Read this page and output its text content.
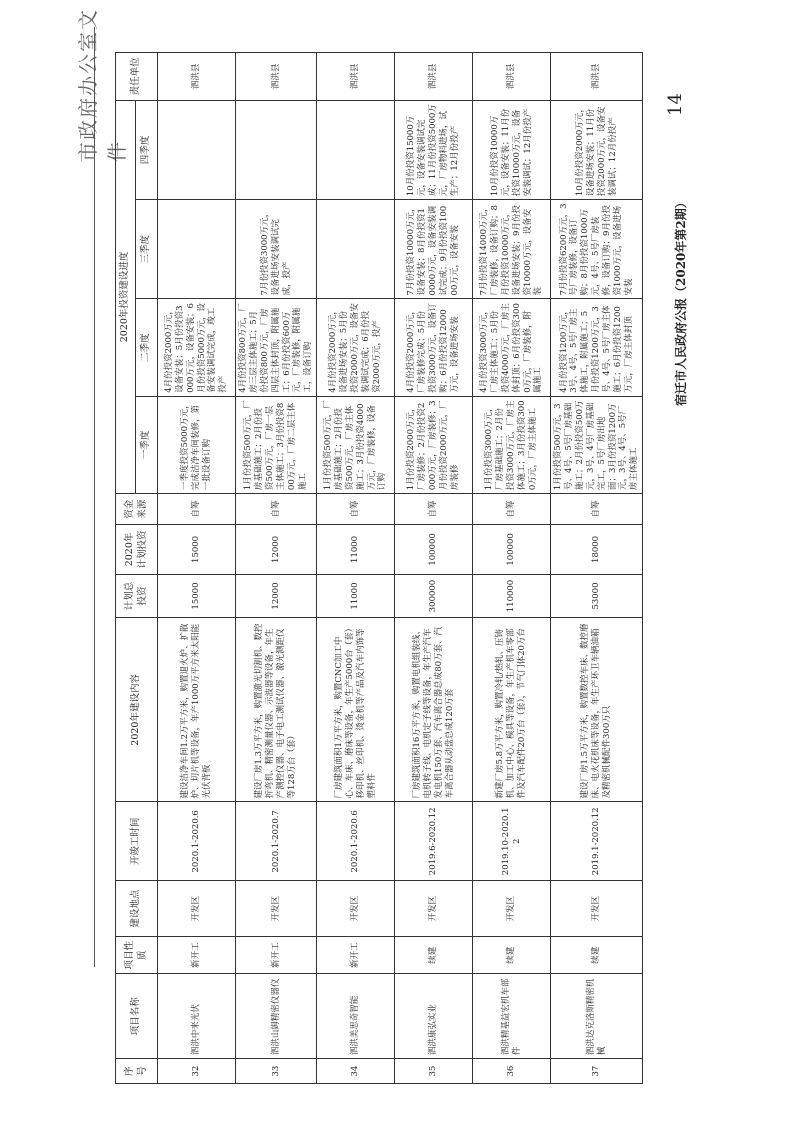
市政府办公室文件
序号	项目名称	项目性质	建设地点	开竣工时间	2020年建设内容	计划总投资	2020年计划投资	资金来源	2020年投资建设进度				责任单位
									一季度	二季度	三季度	四季度	
32	泗洪中来光伏	新开工	开发区	2020.1-2020.6	建设洁净车间1.2万平方米，购置退火炉、扩散炉、切片机等设备，年产1000万平方米太阳能光伏背板	15000	15000	自筹	一季度投资5000万元，完成洁净车间装修，第一批设备订购	4月份投资2000万元，设备安装；5月份投资3000万元，设备安装；6月份投资5000万元，设备安装调试完成，竣工投产			泗洪县
33	泗洪山姆精密仪器仪	新开工	开发区	2020.1-2020.7	建设厂房1.3万平方米，购置激光切割机、数控折弯机、精密测量仪器、示波器等设备，年生产测控仪器、电子电工测试仪器、激光测距仪等128万台（套）	12000	12000	自筹	1月份投资500万元，厂房基础施工；2月份投资500万元，厂房一层主体施工；3月份投资800万元，厂房二层主体施工	4月份投资800万元，厂房三层主体施工；5月份投资800万元，厂房四层主体封顶，附属施工；6月份投资600万元，厂房装修，附属施工，设备订购	7月份投资3000万元，设备进场安装调试完成，投产		泗洪县
34	泗洪美思奇智能	新开工	开发区	2020.1-2020.6	厂房建筑面积1万平方米，购置CNC加工中心、车床、磨床等设备，年生产5000台（套）移印机、丝印机、烫金机等产品及汽车内饰等塑料件	11000	11000	自筹	1月份投资500万元，厂房基础施工；2月份投资500万元，厂房主体施工；3月份投资4000万元，厂房装修，设备订购	4月份投资2000万元，设备进场安装；5月份投资2000万元，设备安装调试完成；6月份投资2000万元，投产			泗洪县
35	泗洪康弘实业	续建	开发区	2019.6-2020.12	厂房建筑面积16万平方米，购置电机组装线、电机转子线、电机定子线等设备，年生产汽车发电机150万套、汽车离合器总成80万套、汽车离合器从动盘总成120万套	300000	100000	自筹	1月份投资2000万元，厂房装修；2月份投资2000万元，厂房装修；3月份投资2000万元，厂房装修	4月份投资2000万元，厂房装修完成；5月份投资3000万元，设备订购；6月份投资12000万元，设备进场安装	7月份投资10000万元，设备安装；8月份投资10000万元，设备安装调试完成；9月份投资10000万元，设备安装	10月份投资15000万元，设备安装调试完成；11月份投资5000万元，厂房物料进场，试生产；12月份投产	泗洪县
36	泗洪精基益宏机车部件	续建	开发区	2019.10-2020.12	新建厂房5.8万平方米，购置冷轧/热轧、压铸机、加工中心、模具等设备，年生产机车零部件及汽车配件20万台（套），节气门体20万台	110000	100000	自筹	1月份投资3000万元，厂房基础施工；2月份投资3000万元，厂房主体施工；3月份投资3000万元，厂房主体施工	4月份投资3000万元，厂房主体施工；5月份投资4000万元，厂房主体封顶；6月份投资3000万元，厂房装修，附属施工	7月份投资14000万元，厂房装修，设备订购；8月份投资10000万元，设备进场安装；9月份投资10000万元，设备安装	10月份投资10000万元，设备安装；11月份投资10000万元，设备安装调试；12月份投产	泗洪县
37	泗洪达克洛斯精密机械	续建	开发区	2019.1-2020.12	建设厂房1.5万平方米，购置数控车床、数控磨床、电火花机床等设备，年生产环卫车辆油箱及精密机械配件300万只	53000	18000	自筹	1月份投资500万元，3号、4号、5号厂房基础施工；2月份投资500万元，3号、4号厂房基础完工，5号厂房出地面；3月份投资1200万元，3号、4号、5号厂房主体施工	4月份投资1200万元，3号、4号、5号厂房主体施工，附属施工；5月份投资1200万元，3号、4号、5号厂房主体施工；6月份投资1200万元，厂房主体封顶	7月份投资6200万元，3号厂房装修，设备订购；8月份投资1000万元，4号、5号厂房装修，设备订购；9月份投资1000万元，设备进场安装	10月份投资2000万元，设备进场安装；11月份投资2000万元，设备安装调试；12月份投产	泗洪县
宿迁市人民政府公报（2020年第2期）
14
